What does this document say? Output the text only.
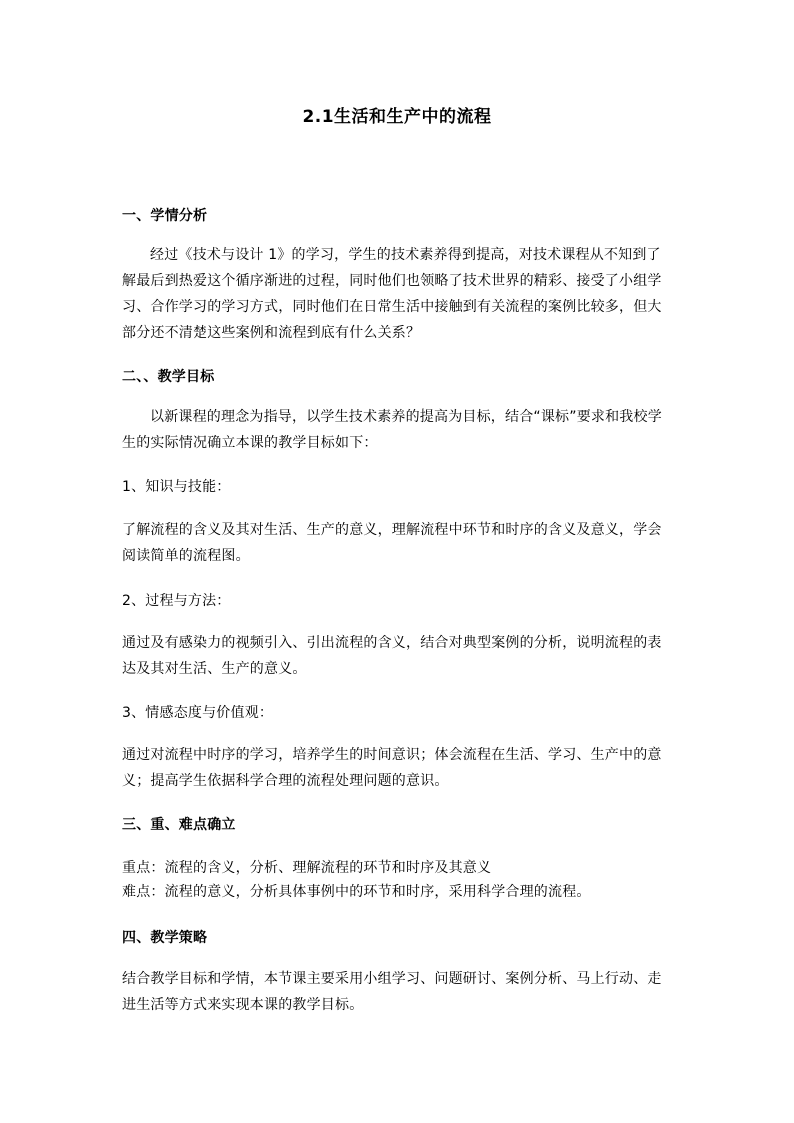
2.1生活和生产中的流程
一、学情分析

经过《技术与设计 1》的学习，学生的技术素养得到提高，对技术课程从不知到了解最后到热爱这个循序渐进的过程，同时他们也领略了技术世界的精彩、接受了小组学习、合作学习的学习方式，同时他们在日常生活中接触到有关流程的案例比较多，但大部分还不清楚这些案例和流程到底有什么关系？

二、、教学目标

以新课程的理念为指导，以学生技术素养的提高为目标，结合“课标”要求和我校学生的实际情况确立本课的教学目标如下：

1、知识与技能：

了解流程的含义及其对生活、生产的意义，理解流程中环节和时序的含义及意义，学会阅读简单的流程图。

2、过程与方法：

通过及有感染力的视频引入、引出流程的含义，结合对典型案例的分析，说明流程的表达及其对生活、生产的意义。

3、情感态度与价值观：

通过对流程中时序的学习，培养学生的时间意识；体会流程在生活、学习、生产中的意义；提高学生依据科学合理的流程处理问题的意识。

三、重、难点确立
重点：流程的含义，分析、理解流程的环节和时序及其意义
难点：流程的意义，分析具体事例中的环节和时序，采用科学合理的流程。
四、教学策略

结合教学目标和学情，本节课主要采用小组学习、问题研讨、案例分析、马上行动、走进生活等方式来实现本课的教学目标。
